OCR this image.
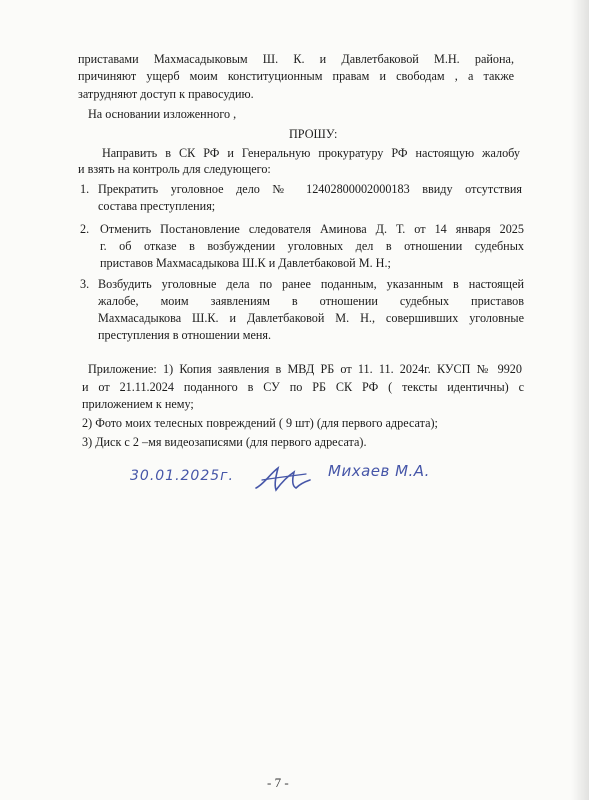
приставами Махмасадыковым Ш. К. и Давлетбаковой М.Н. района,
причиняют ущерб моим конституционным правам и свободам , а также
затрудняют доступ к правосудию.
На основании изложенного ,
ПРОШУ:
Направить в СК РФ и Генеральную прокуратуру РФ настоящую жалобу
и взять на контроль для следующего:
1. Прекратить уголовное дело № 12402800002000183 ввиду отсутствия
состава преступления;
2. Отменить Постановление следователя Аминова Д. Т. от 14 января 2025
г. об отказе в возбуждении уголовных дел в отношении судебных
приставов Махмасадыкова Ш.К и Давлетбаковой М. Н.;
3. Возбудить уголовные дела по ранее поданным, указанным в настоящей
жалобе, моим заявлениям в отношении судебных приставов
Махмасадыкова Ш.К. и Давлетбаковой М. Н., совершивших уголовные
преступления в отношении меня.
Приложение: 1) Копия заявления в МВД РБ от 11. 11. 2024г. КУСП № 9920
и от 21.11.2024 поданного в СУ по РБ СК РФ ( тексты идентичны) с
приложением к нему;
2) Фото моих телесных повреждений ( 9 шт) (для первого адресата);
3) Диск с 2 –мя видеозаписями (для первого адресата).
30.01.2025г.	Михаев М.А.
- 7 -
